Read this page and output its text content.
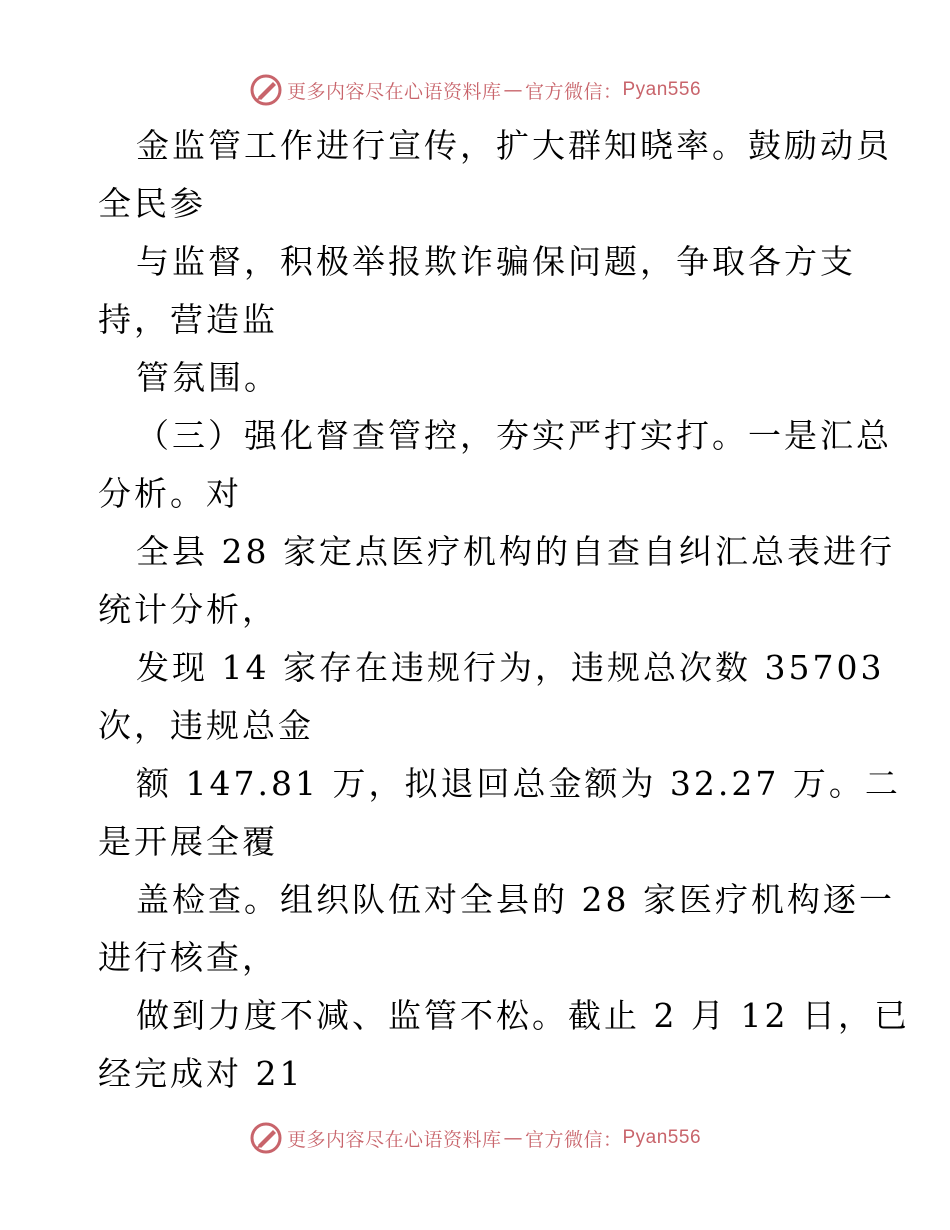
更多内容尽在心语资料库 — 官方微信： Pyan556
金监管工作进行宣传，扩大群知晓率。鼓励动员
全民参
与监督，积极举报欺诈骗保问题，争取各方支
持，营造监
管氛围。
（三）强化督查管控，夯实严打实打。一是汇总
分析。对
全县 28 家定点医疗机构的自查自纠汇总表进行
统计分析，
发现 14 家存在违规行为，违规总次数 35703
次，违规总金
额 147.81 万，拟退回总金额为 32.27 万。二
是开展全覆
盖检查。组织队伍对全县的 28 家医疗机构逐一
进行核查，
做到力度不减、监管不松。截止 2 月 12 日，已
经完成对 21
更多内容尽在心语资料库 — 官方微信： Pyan556
